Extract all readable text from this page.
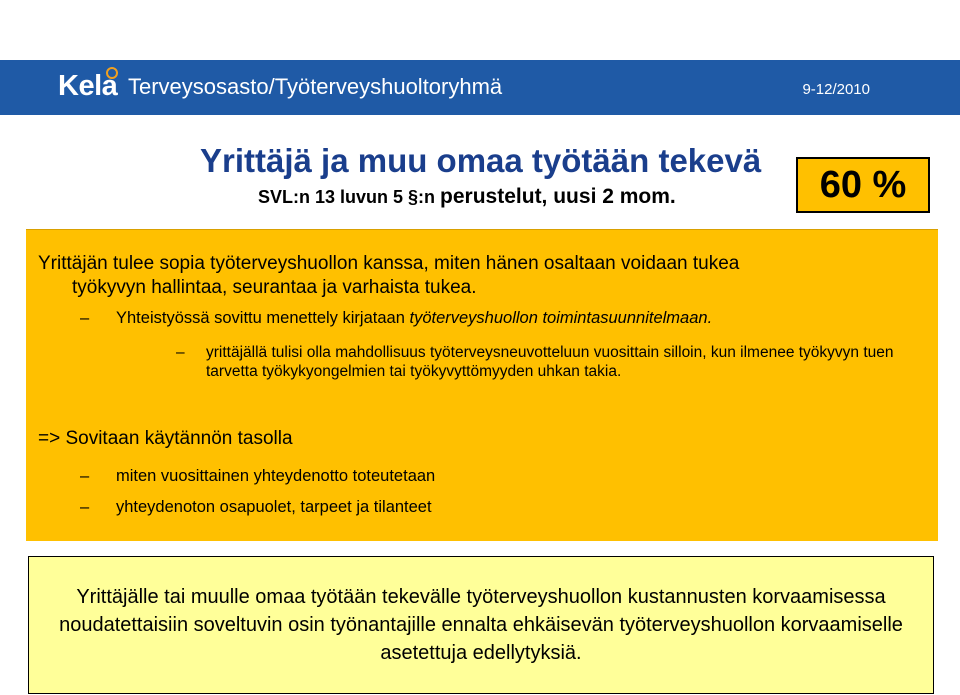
Kela Terveysosasto/Työterveyshuoltoryhmä	9-12/2010
Yrittäjä ja muu omaa työtään tekevä
SVL:n 13 luvun 5 §:n perustelut, uusi 2 mom.	60 %
Yrittäjän tulee sopia työterveyshuollon kanssa, miten hänen osaltaan voidaan tukea
työkyvyn hallintaa, seurantaa ja varhaista tukea.
–	Yhteistyössä sovittu menettely kirjataan työterveyshuollon toimintasuunnitelmaan.
–	yrittäjällä tulisi olla mahdollisuus työterveysneuvotteluun vuosittain silloin, kun ilmenee työkyvyn tuen tarvetta työkykyongelmien tai työkyvyttömyyden uhkan takia.
=> Sovitaan käytännön tasolla
– miten vuosittainen yhteydenotto toteutetaan
– yhteydenoton osapuolet, tarpeet ja tilanteet
Yrittäjälle tai muulle omaa työtään tekevälle työterveyshuollon kustannusten korvaamisessa noudatettaisiin soveltuvin osin työnantajille ennalta ehkäisevän työterveyshuollon korvaamiselle asetettuja edellytyksiä.
